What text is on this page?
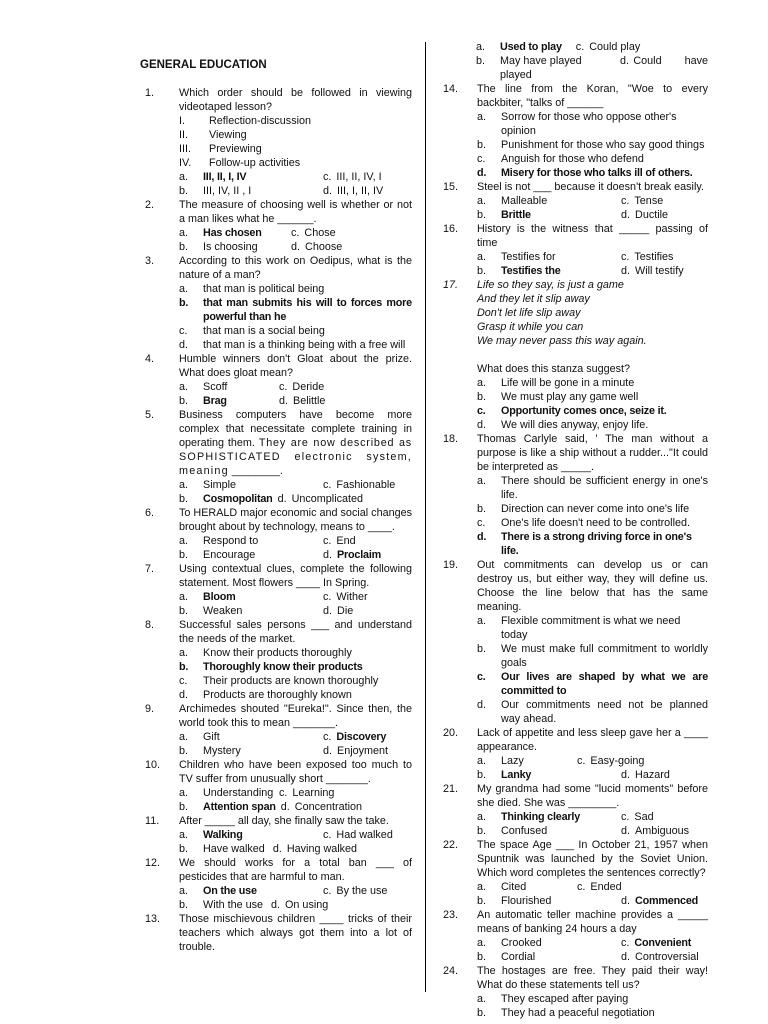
GENERAL EDUCATION
1. Which order should be followed in viewing videotaped lesson?
I. Reflection-discussion
II. Viewing
III. Previewing
IV. Follow-up activities
a.	III, II, I, IV	c. III, II, IV, I
b.	III, IV, II , I	d. III, I, II, IV
2. The measure of choosing well is whether or not a man likes what he ______.
a.	Has chosen	c. Chose
b.	Is choosing	d. Choose
3. According to this work on Oedipus, what is the nature of a man?
a. that man is political being
b. that man submits his will to forces more powerful than he
c. that man is a social being
d. that man is a thinking being with a free will
4. Humble winners don't Gloat about the prize. What does gloat mean?
a.	Scoff	c. Deride
b.	Brag	d. Belittle
5. Business computers have become more complex that necessitate complete training in operating them. They are now described as SOPHISTICATED electronic system, meaning ________.
a.	Simple	c. Fashionable
b.	Cosmopolitan d. Uncomplicated
6. To HERALD major economic and social changes brought about by technology, means to ____.
a.	Respond to	c. End
b.	Encourage	d. Proclaim
7. Using contextual clues, complete the following statement. Most flowers ____ In Spring.
a.	Bloom	c. Wither
b.	Weaken	d. Die
8. Successful sales persons ___ and understand the needs of the market.
a. Know their products thoroughly
b. Thoroughly know their products
c. Their products are known thoroughly
d. Products are thoroughly known
9. Archimedes shouted "Eureka!". Since then, the world took this to mean _______.
a.	Gift	c. Discovery
b.	Mystery	d. Enjoyment
10. Children who have been exposed too much to TV suffer from unusually short _______.
a.	Understanding c. Learning
b.	Attention span d. Concentration
11. After _____ all day, she finally saw the take.
a.	Walking	c. Had walked
b.	Have walked d. Having walked
12. We should works for a total ban ___ of pesticides that are harmful to man.
a.	On the use	c. By the use
b.	With the use d. On using
13. Those mischievous children ____ tricks of their teachers which always got them into a lot of trouble.
a.	Used to play c. Could play
b.	May have played	d. Could have
played
14. The line from the Koran, "Woe to every backbiter, "talks of ______
a. Sorrow for those who oppose other's opinion
b. Punishment for those who say good things
c. Anguish for those who defend
d. Misery for those who talks ill of others.
15. Steel is not ___ because it doesn't break easily.
a.	Malleable	c. Tense
b.	Brittle	d. Ductile
16. History is the witness that _____ passing of time
a.	Testifies for	c. Testifies
b.	Testifies the	d. Will testify
17. Life so they say, is just a game
And they let it slip away
Don't let life slip away
Grasp it while you can
We may never pass this way again.
What does this stanza suggest?
a. Life will be gone in a minute
b. We must play any game well
c. Opportunity comes once, seize it.
d. We will dies anyway, enjoy life.
18. Thomas Carlyle said, ' The man without a purpose is like a ship without a rudder..."It could be interpreted as _____.
a. There should be sufficient energy in one's life.
b. Direction can never come into one's life
c. One's life doesn't need to be controlled.
d. There is a strong driving force in one's life.
19. Out commitments can develop us or can destroy us, but either way, they will define us. Choose the line below that has the same meaning.
a. Flexible commitment is what we need today
b. We must make full commitment to worldly goals
c. Our lives are shaped by what we are committed to
d. Our commitments need not be planned way ahead.
20. Lack of appetite and less sleep gave her a ____ appearance.
a.	Lazy	c. Easy-going
b.	Lanky	d. Hazard
21. My grandma had some "lucid moments" before she died. She was ________.
a.	Thinking clearly	c. Sad
b.	Confused	d. Ambiguous
22. The space Age ___ In October 21, 1957 when Spuntnik was launched by the Soviet Union. Which word completes the sentences correctly?
a.	Cited	c. Ended
b.	Flourished	d. Commenced
23. An automatic teller machine provides a _____ means of banking 24 hours a day
a.	Crooked	c. Convenient
b.	Cordial	d. Controversial
24. The hostages are free. They paid their way! What do these statements tell us?
a. They escaped after paying
b. They had a peaceful negotiation
